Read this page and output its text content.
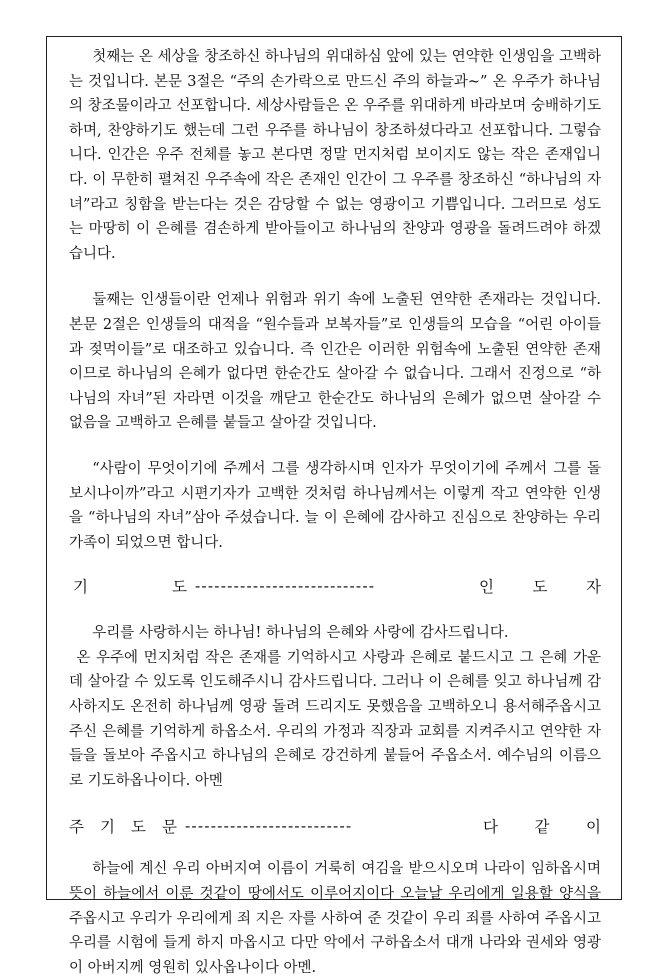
첫째는 온 세상을 창조하신 하나님의 위대하심 앞에 있는 연약한 인생임을 고백하는 것입니다. 본문 3절은 “주의 손가락으로 만드신 주의 하늘과~” 온 우주가 하나님의 창조물이라고 선포합니다. 세상사람들은 온 우주를 위대하게 바라보며 숭배하기도 하며, 찬양하기도 했는데 그런 우주를 하나님이 창조하셨다라고 선포합니다. 그렇습니다. 인간은 우주 전체를 놓고 본다면 정말 먼지처럼 보이지도 않는 작은 존재입니다. 이 무한히 펼쳐진 우주속에 작은 존재인 인간이 그 우주를 창조하신 “하나님의 자녀”라고 칭함을 받는다는 것은 감당할 수 없는 영광이고 기쁨입니다. 그러므로 성도는 마땅히 이 은혜를 겸손하게 받아들이고 하나님의 찬양과 영광을 돌려드려야 하겠습니다.

둘째는 인생들이란 언제나 위험과 위기 속에 노출된 연약한 존재라는 것입니다. 본문 2절은 인생들의 대적을 “원수들과 보복자들”로 인생들의 모습을 “어린 아이들과 젖먹이들”로 대조하고 있습니다. 즉 인간은 이러한 위험속에 노출된 연약한 존재이므로 하나님의 은혜가 없다면 한순간도 살아갈 수 없습니다. 그래서 진정으로 “하나님의 자녀”된 자라면 이것을 깨닫고 한순간도 하나님의 은혜가 없으면 살아갈 수 없음을 고백하고 은혜를 붙들고 살아갈 것입니다.

“사람이 무엇이기에 주께서 그를 생각하시며 인자가 무엇이기에 주께서 그를 돌보시나이까”라고 시편기자가 고백한 것처럼 하나님께서는 이렇게 작고 연약한 인생을 “하나님의 자녀”삼아 주셨습니다. 늘 이 은혜에 감사하고 진심으로 찬양하는 우리 가족이 되었으면 합니다.

기	도 ----------------------------	인 도 자

우리를 사랑하시는 하나님! 하나님의 은혜와 사랑에 감사드립니다.

온 우주에 먼지처럼 작은 존재를 기억하시고 사랑과 은혜로 붙드시고 그 은혜 가운데 살아갈 수 있도록 인도해주시니 감사드립니다. 그러나 이 은혜를 잊고 하나님께 감사하지도 온전히 하나님께 영광 돌려 드리지도 못했음을 고백하오니 용서해주옵시고 주신 은혜를 기억하게 하옵소서. 우리의 가정과 직장과 교회를 지켜주시고 연약한 자들을 돌보아 주옵시고 하나님의 은혜로 강건하게 붙들어 주옵소서. 예수님의 이름으로 기도하옵나이다. 아멘

주 기 도 문 --------------------------	다 같 이

하늘에 계신 우리 아버지여 이름이 거룩히 여김을 받으시오며 나라이 임하옵시며 뜻이 하늘에서 이룬 것같이 땅에서도 이루어지이다 오늘날 우리에게 일용할 양식을 주옵시고 우리가 우리에게 죄 지은 자를 사하여 준 것같이 우리 죄를 사하여 주옵시고 우리를 시험에 들게 하지 마옵시고 다만 악에서 구하옵소서 대개 나라와 권세와 영광이 아버지께 영원히 있사옵나이다 아멘.
